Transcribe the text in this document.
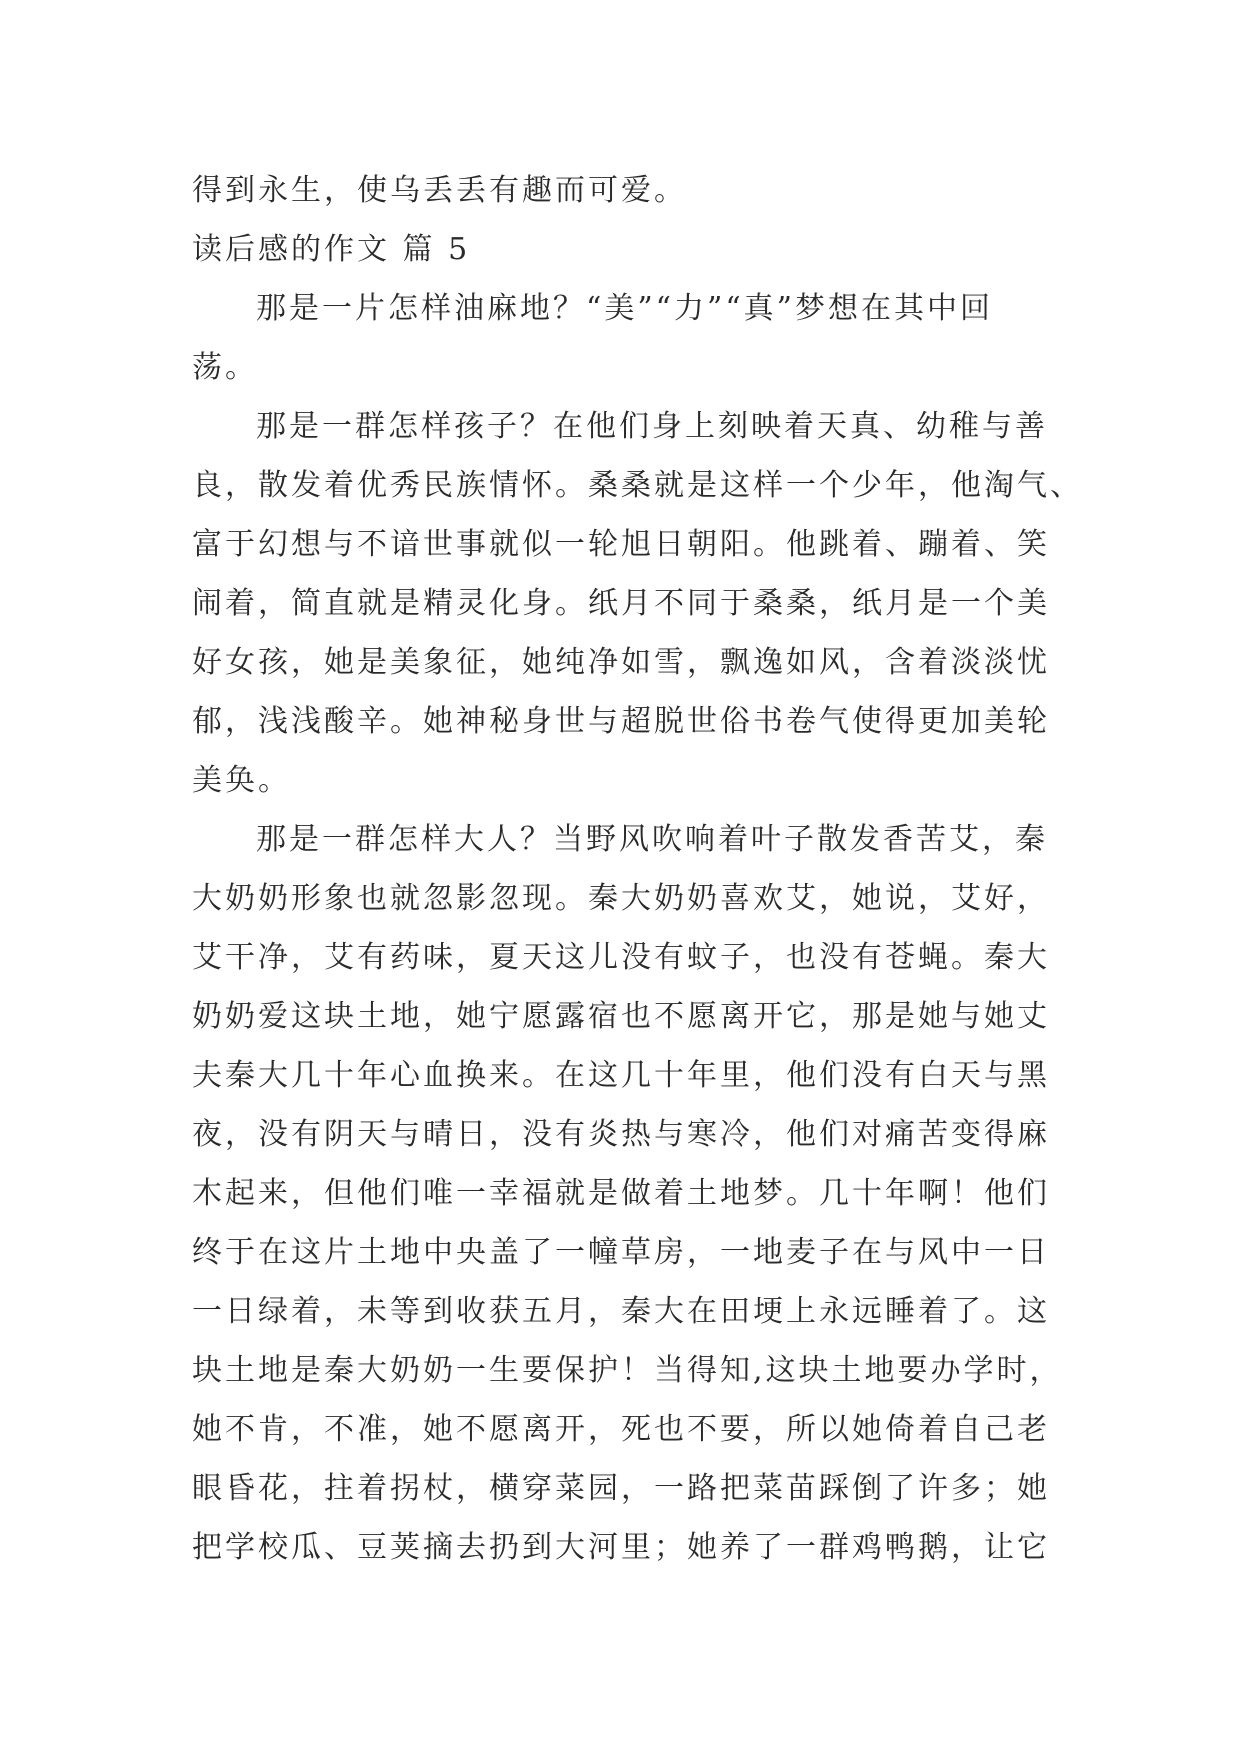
得到永生，使乌丢丢有趣而可爱。
读后感的作文 篇 5
那是一片怎样油麻地？“美”“力”“真”梦想在其中回
荡。
那是一群怎样孩子？在他们身上刻映着天真、幼稚与善
良，散发着优秀民族情怀。桑桑就是这样一个少年，他淘气、
富于幻想与不谙世事就似一轮旭日朝阳。他跳着、蹦着、笑
闹着，简直就是精灵化身。纸月不同于桑桑，纸月是一个美
好女孩，她是美象征，她纯净如雪，飘逸如风，含着淡淡忧
郁，浅浅酸辛。她神秘身世与超脱世俗书卷气使得更加美轮
美奂。
那是一群怎样大人？当野风吹响着叶子散发香苦艾，秦
大奶奶形象也就忽影忽现。秦大奶奶喜欢艾，她说，艾好，
艾干净，艾有药味，夏天这儿没有蚊子，也没有苍蝇。秦大
奶奶爱这块土地，她宁愿露宿也不愿离开它，那是她与她丈
夫秦大几十年心血换来。在这几十年里，他们没有白天与黑
夜，没有阴天与晴日，没有炎热与寒冷，他们对痛苦变得麻
木起来，但他们唯一幸福就是做着土地梦。几十年啊！他们
终于在这片土地中央盖了一幢草房，一地麦子在与风中一日
一日绿着，未等到收获五月，秦大在田埂上永远睡着了。这
块土地是秦大奶奶一生要保护！当得知,这块土地要办学时，
她不肯，不准，她不愿离开，死也不要，所以她倚着自己老
眼昏花，拄着拐杖，横穿菜园，一路把菜苗踩倒了许多；她
把学校瓜、豆荚摘去扔到大河里；她养了一群鸡鸭鹅，让它
